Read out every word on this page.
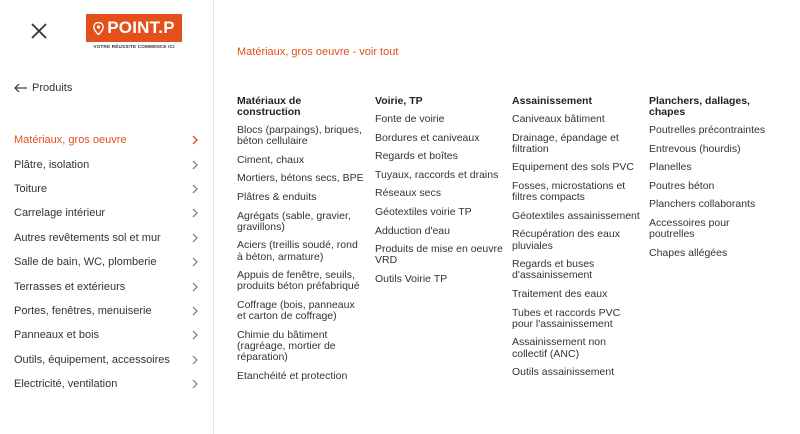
POINT.P
VOTRE RÉUSSITE COMMENCE ICI
Produits
Matériaux, gros oeuvre
Plâtre, isolation
Toiture
Carrelage intérieur
Autres revêtements sol et mur
Salle de bain, WC, plomberie
Terrasses et extérieurs
Portes, fenêtres, menuiserie
Panneaux et bois
Outils, équipement, accessoires
Electricité, ventilation
Matériaux, gros oeuvre - voir tout
Matériaux de construction
Blocs (parpaings), briques, béton cellulaire
Ciment, chaux
Mortiers, bétons secs, BPE
Plâtres & enduits
Agrégats (sable, gravier, gravillons)
Aciers (treillis soudé, rond à béton, armature)
Appuis de fenêtre, seuils, produits béton préfabriqué
Coffrage (bois, panneaux et carton de coffrage)
Chimie du bâtiment (ragréage, mortier de réparation)
Etanchéité et protection
Voirie, TP
Fonte de voirie
Bordures et caniveaux
Regards et boîtes
Tuyaux, raccords et drains
Réseaux secs
Géotextiles voirie TP
Adduction d'eau
Produits de mise en oeuvre VRD
Outils Voirie TP
Assainissement
Caniveaux bâtiment
Drainage, épandage et filtration
Equipement des sols PVC
Fosses, microstations et filtres compacts
Géotextiles assainissement
Récupération des eaux pluviales
Regards et buses d'assainissement
Traitement des eaux
Tubes et raccords PVC pour l'assainissement
Assainissement non collectif (ANC)
Outils assainissement
Planchers, dallages, chapes
Poutrelles précontraintes
Entrevous (hourdis)
Planelles
Poutres béton
Planchers collaborants
Accessoires pour poutrelles
Chapes allégées
